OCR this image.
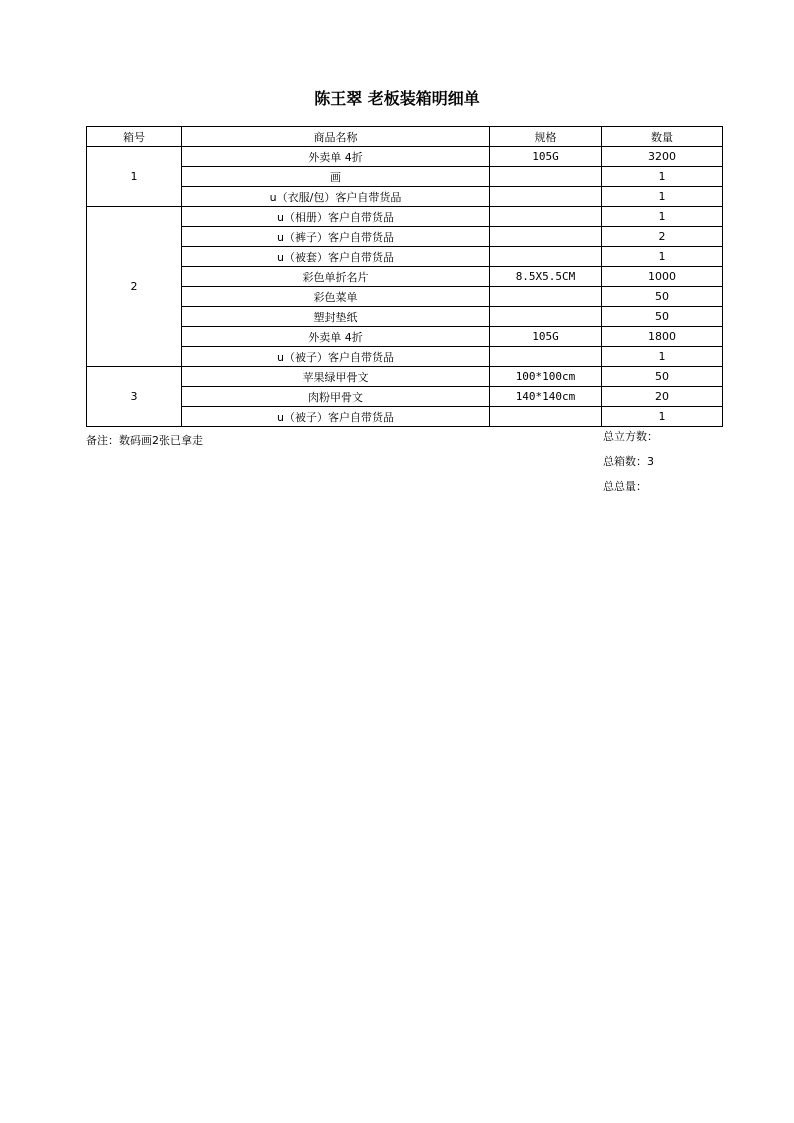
陈王翠 老板装箱明细单
箱号	商品名称	规格	数量
1	外卖单 4折	105G	3200
	画		1
	u（衣服/包）客户自带货品		1
2	u（相册）客户自带货品		1
	u（裤子）客户自带货品		2
	u（被套）客户自带货品		1
	彩色单折名片	8.5X5.5CM	1000
	彩色菜单		50
	塑封垫纸		50
	外卖单 4折	105G	1800
	u（被子）客户自带货品		1
3	苹果绿甲骨文	100*100cm	50
	肉粉甲骨文	140*140cm	20
	u（被子）客户自带货品		1
备注：数码画2张已拿走	总立方数：
总箱数：3
总总量：
